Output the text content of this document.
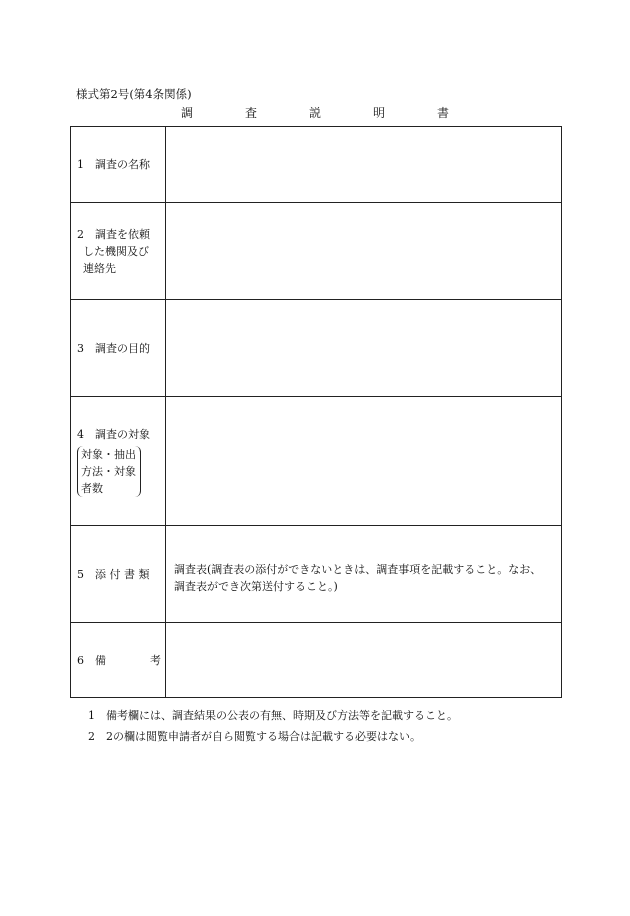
様式第2号(第4条関係)
調　査　説　明　書
1 調査の名称	

2 調査を依頼
した機関及び
連絡先	

3 調査の目的	

4 調査の対象
対象・抽出
方法・対象
者数	

5 添 付 書 類	調査表(調査表の添付ができないときは、調査事項を記載すること。なお、
調査表ができ次第送付すること。)

6 備　　　　考	
1 備考欄には、調査結果の公表の有無、時期及び方法等を記載すること。
2 2の欄は閲覧申請者が自ら閲覧する場合は記載する必要はない。
